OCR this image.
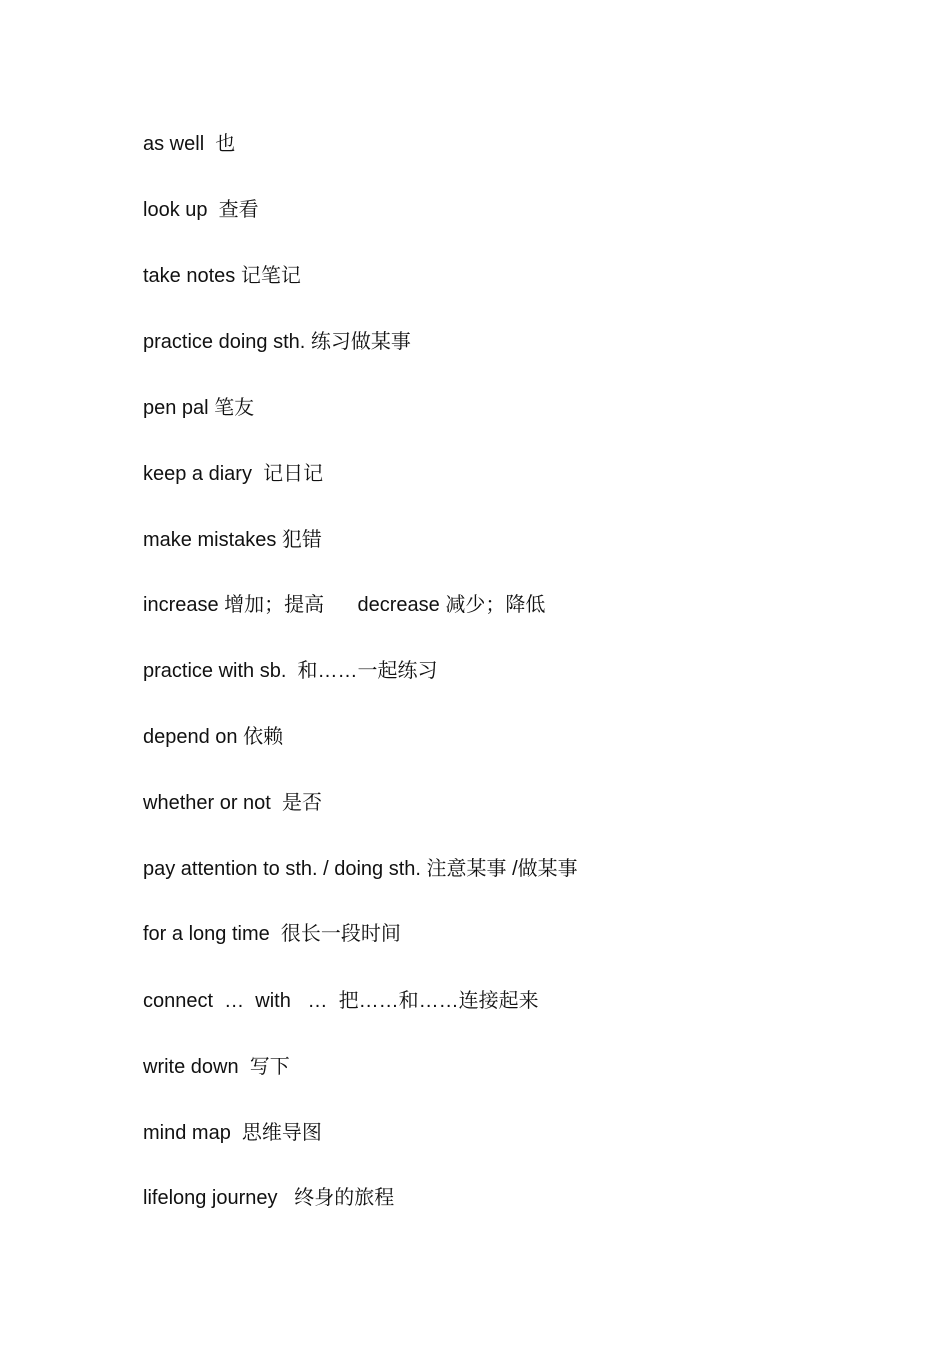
as well  也
look up  查看
take notes 记笔记
practice doing sth. 练习做某事
pen pal 笔友
keep a diary  记日记
make mistakes 犯错
increase 增加；提高      decrease 减少；降低
practice with sb.  和……一起练习
depend on 依赖
whether or not  是否
pay attention to sth. / doing sth. 注意某事 /做某事
for a long time  很长一段时间
connect  …  with   …  把……和……连接起来
write down  写下
mind map  思维导图
lifelong journey   终身的旅程
